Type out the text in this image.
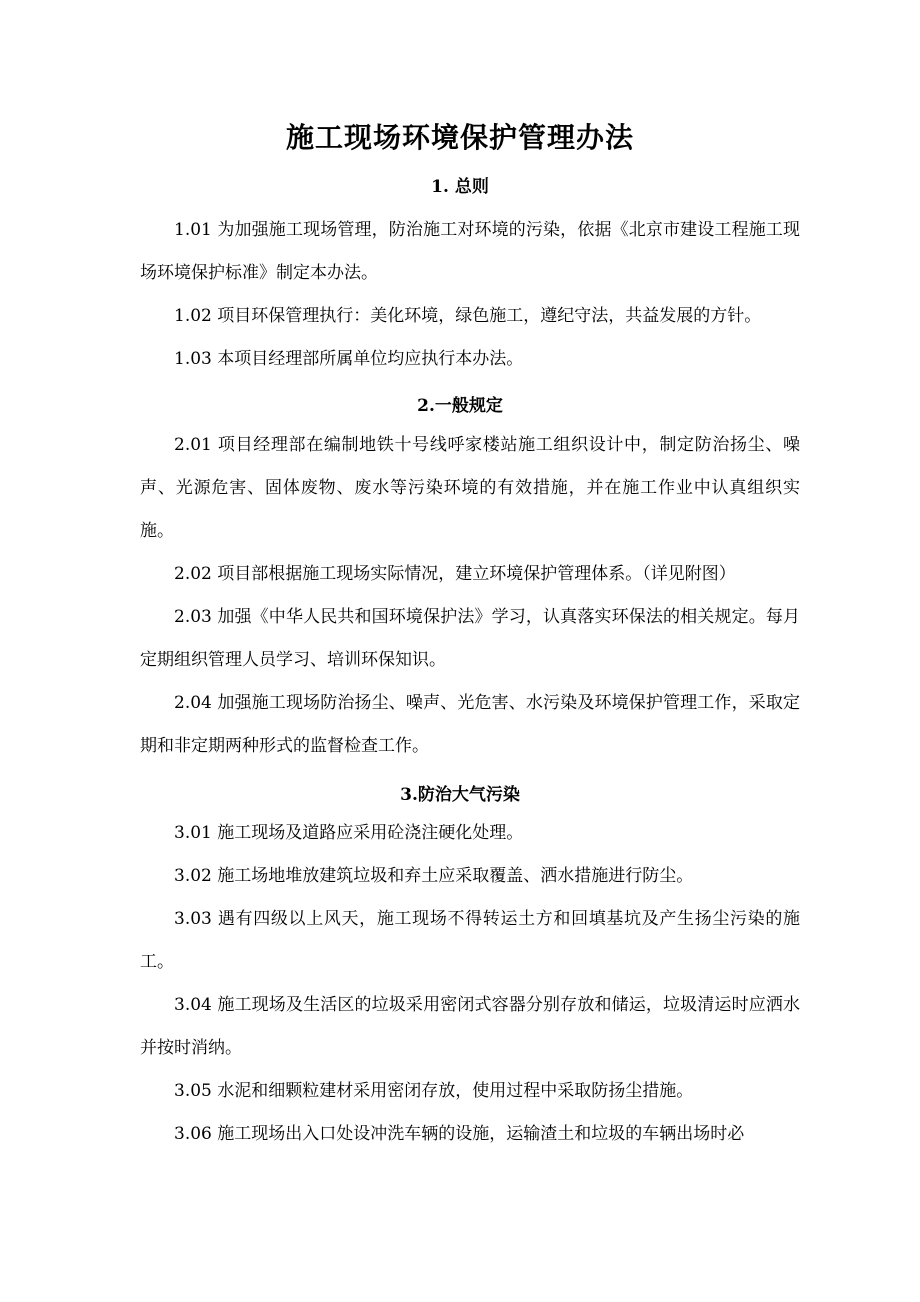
施工现场环境保护管理办法
1. 总则

1.01 为加强施工现场管理，防治施工对环境的污染，依据《北京市建设工程施工现场环境保护标准》制定本办法。

1.02 项目环保管理执行：美化环境，绿色施工，遵纪守法，共益发展的方针。

1.03 本项目经理部所属单位均应执行本办法。

2.一般规定

2.01 项目经理部在编制地铁十号线呼家楼站施工组织设计中，制定防治扬尘、噪声、光源危害、固体废物、废水等污染环境的有效措施，并在施工作业中认真组织实施。

2.02 项目部根据施工现场实际情况，建立环境保护管理体系。（详见附图）

2.03 加强《中华人民共和国环境保护法》学习，认真落实环保法的相关规定。每月定期组织管理人员学习、培训环保知识。

2.04 加强施工现场防治扬尘、噪声、光危害、水污染及环境保护管理工作，采取定期和非定期两种形式的监督检查工作。

3.防治大气污染

3.01 施工现场及道路应采用砼浇注硬化处理。

3.02 施工场地堆放建筑垃圾和弃土应采取覆盖、洒水措施进行防尘。

3.03 遇有四级以上风天，施工现场不得转运土方和回填基坑及产生扬尘污染的施工。

3.04 施工现场及生活区的垃圾采用密闭式容器分别存放和储运，垃圾清运时应洒水并按时消纳。

3.05 水泥和细颗粒建材采用密闭存放，使用过程中采取防扬尘措施。

3.06 施工现场出入口处设冲洗车辆的设施，运输渣土和垃圾的车辆出场时必
